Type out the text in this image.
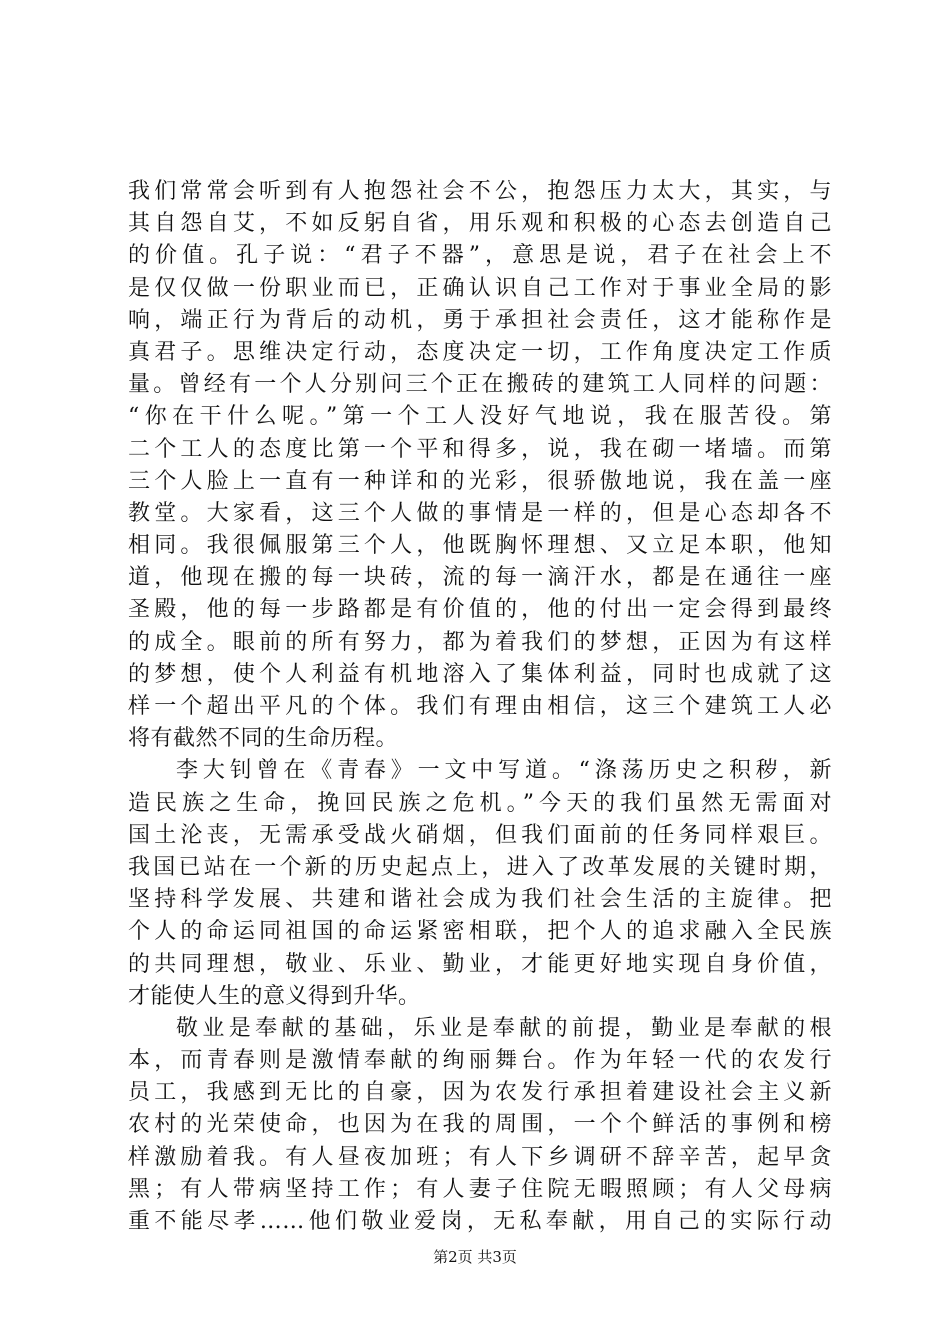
我们常常会听到有人抱怨社会不公，抱怨压力太大，其实，与
其自怨自艾，不如反躬自省，用乐观和积极的心态去创造自己
的价值。孔子说：“君子不器”，意思是说，君子在社会上不
是仅仅做一份职业而已，正确认识自己工作对于事业全局的影
响，端正行为背后的动机，勇于承担社会责任，这才能称作是
真君子。思维决定行动，态度决定一切，工作角度决定工作质
量。曾经有一个人分别问三个正在搬砖的建筑工人同样的问题：
“你在干什么呢。”第一个工人没好气地说，我在服苦役。第
二个工人的态度比第一个平和得多，说，我在砌一堵墙。而第
三个人脸上一直有一种详和的光彩，很骄傲地说，我在盖一座
教堂。大家看，这三个人做的事情是一样的，但是心态却各不
相同。我很佩服第三个人，他既胸怀理想、又立足本职，他知
道，他现在搬的每一块砖，流的每一滴汗水，都是在通往一座
圣殿，他的每一步路都是有价值的，他的付出一定会得到最终
的成全。眼前的所有努力，都为着我们的梦想，正因为有这样
的梦想，使个人利益有机地溶入了集体利益，同时也成就了这
样一个超出平凡的个体。我们有理由相信，这三个建筑工人必
将有截然不同的生命历程。
李大钊曾在《青春》一文中写道。“涤荡历史之积秽，新
造民族之生命，挽回民族之危机。”今天的我们虽然无需面对
国土沦丧，无需承受战火硝烟，但我们面前的任务同样艰巨。
我国已站在一个新的历史起点上，进入了改革发展的关键时期，
坚持科学发展、共建和谐社会成为我们社会生活的主旋律。把
个人的命运同祖国的命运紧密相联，把个人的追求融入全民族
的共同理想，敬业、乐业、勤业，才能更好地实现自身价值，
才能使人生的意义得到升华。
敬业是奉献的基础，乐业是奉献的前提，勤业是奉献的根
本，而青春则是激情奉献的绚丽舞台。作为年轻一代的农发行
员工，我感到无比的自豪，因为农发行承担着建设社会主义新
农村的光荣使命，也因为在我的周围，一个个鲜活的事例和榜
样激励着我。有人昼夜加班；有人下乡调研不辞辛苦，起早贪
黑；有人带病坚持工作；有人妻子住院无暇照顾；有人父母病
重不能尽孝……他们敬业爱岗，无私奉献，用自己的实际行动
第2页 共3页
